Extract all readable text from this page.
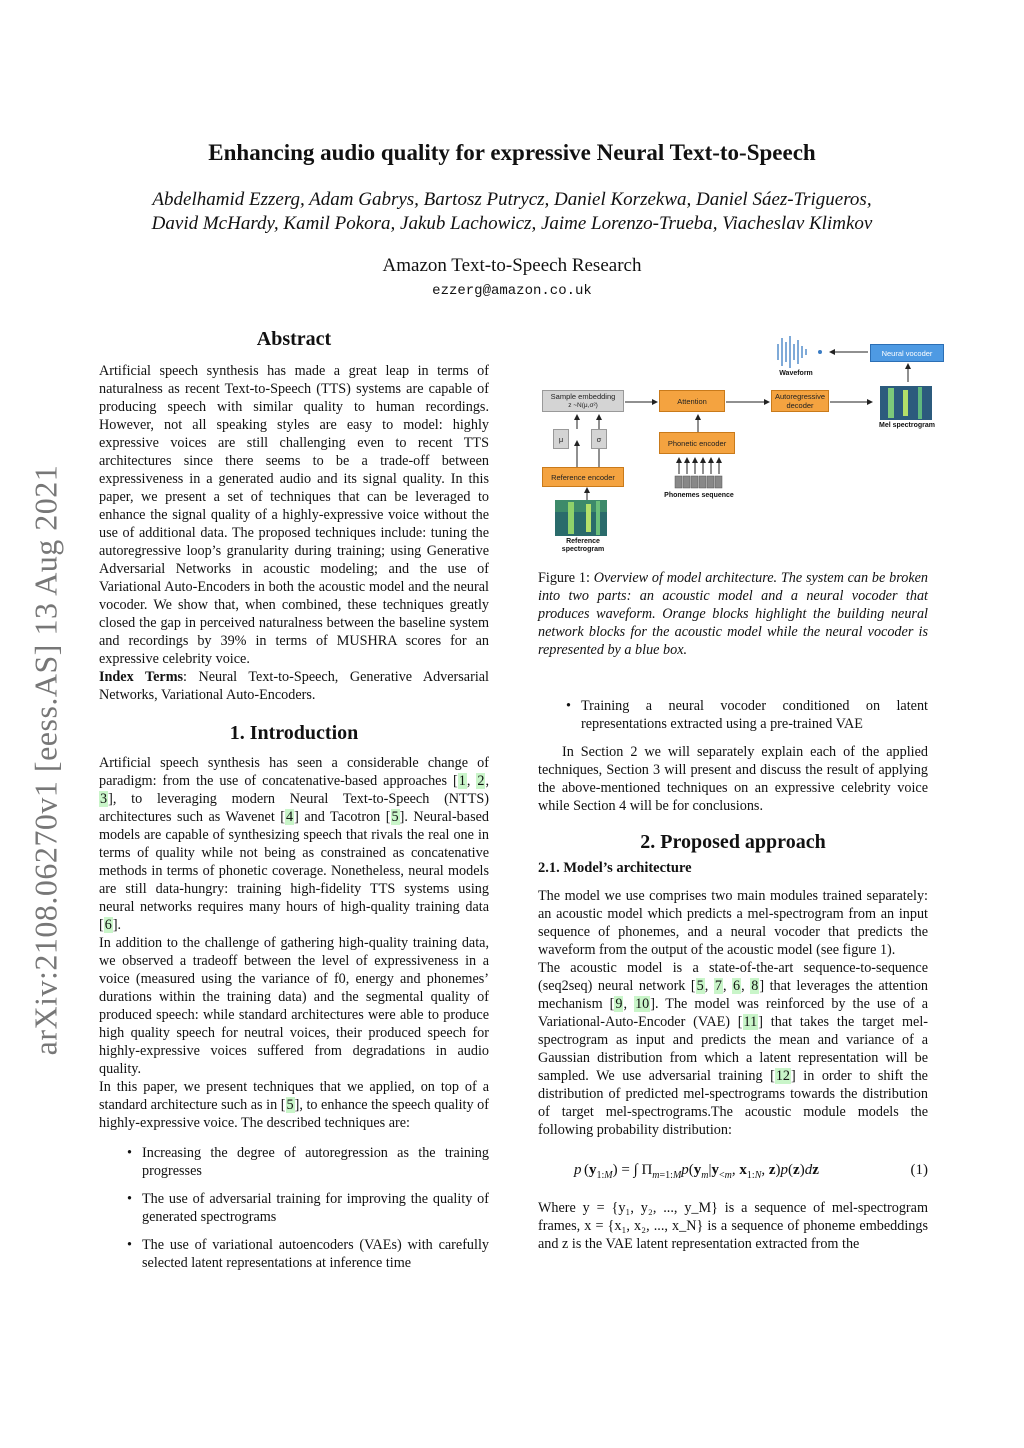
Enhancing audio quality for expressive Neural Text-to-Speech
Abdelhamid Ezzerg, Adam Gabrys, Bartosz Putrycz, Daniel Korzekwa, Daniel Sáez-Trigueros,
David McHardy, Kamil Pokora, Jakub Lachowicz, Jaime Lorenzo-Trueba, Viacheslav Klimkov
Amazon Text-to-Speech Research
ezzerg@amazon.co.uk
arXiv:2108.06270v1 [eess.AS] 13 Aug 2021
Abstract

Artificial speech synthesis has made a great leap in terms of naturalness as recent Text-to-Speech (TTS) systems are capable of producing speech with similar quality to human recordings. However, not all speaking styles are easy to model: highly expressive voices are still challenging even to recent TTS architectures since there seems to be a trade-off between expressiveness in a generated audio and its signal quality. In this paper, we present a set of techniques that can be leveraged to enhance the signal quality of a highly-expressive voice without the use of additional data. The proposed techniques include: tuning the autoregressive loop’s granularity during training; using Generative Adversarial Networks in acoustic modeling; and the use of Variational Auto-Encoders in both the acoustic model and the neural vocoder. We show that, when combined, these techniques greatly closed the gap in perceived naturalness between the baseline system and recordings by 39% in terms of MUSHRA scores for an expressive celebrity voice.

Index Terms: Neural Text-to-Speech, Generative Adversarial Networks, Variational Auto-Encoders.

1. Introduction

Artificial speech synthesis has seen a considerable change of paradigm: from the use of concatenative-based approaches [1, 2, 3], to leveraging modern Neural Text-to-Speech (NTTS) architectures such as Wavenet [4] and Tacotron [5]. Neural-based models are capable of synthesizing speech that rivals the real one in terms of quality while not being as constrained as concatenative methods in terms of phonetic coverage. Nonetheless, neural models are still data-hungry: training high-fidelity TTS systems using neural networks requires many hours of high-quality training data [6].

In addition to the challenge of gathering high-quality training data, we observed a tradeoff between the level of expressiveness in a voice (measured using the variance of f0, energy and phonemes’ durations within the training data) and the segmental quality of produced speech: while standard architectures were able to produce high quality speech for neutral voices, their produced speech for highly-expressive voices suffered from degradations in audio quality.

In this paper, we present techniques that we applied, on top of a standard architecture such as in [5], to enhance the speech quality of highly-expressive voice. The described techniques are:

• Increasing the degree of autoregression as the training progresses
• The use of adversarial training for improving the quality of generated spectrograms
• The use of variational autoencoders (VAEs) with carefully selected latent representations at inference time
Sample embedding
z ~N(μ,σ²)
μ	σ
Reference encoder
Reference spectrogram
Attention
Phonetic encoder
Phonemes sequence
Autoregressive decoder
Mel spectrogram
Waveform
Neural vocoder

Figure 1: Overview of model architecture. The system can be broken into two parts: an acoustic model and a neural vocoder that produces waveform. Orange blocks highlight the building neural network blocks for the acoustic model while the neural vocoder is represented by a blue box.

• Training a neural vocoder conditioned on latent representations extracted using a pre-trained VAE

In Section 2 we will separately explain each of the applied techniques, Section 3 will present and discuss the result of applying the above-mentioned techniques on an expressive celebrity voice while Section 4 will be for conclusions.

2. Proposed approach
2.1. Model’s architecture

The model we use comprises two main modules trained separately: an acoustic model which predicts a mel-spectrogram from an input sequence of phonemes, and a neural vocoder that predicts the waveform from the output of the acoustic model (see figure 1).

The acoustic model is a state-of-the-art sequence-to-sequence (seq2seq) neural network [5, 7, 6, 8] that leverages the attention mechanism [9, 10]. The model was reinforced by the use of a Variational-Auto-Encoder (VAE) [11] that takes the target mel-spectrogram as input and predicts the mean and variance of a Gaussian distribution from which a latent representation will be sampled. We use adversarial training [12] in order to shift the distribution of predicted mel-spectrograms towards the distribution of target mel-spectrograms.The acoustic module models the following probability distribution:

p $(y_{1:M})$ = ∫ $\Pi_{m=1:M}p(y_m|y_{<m}$, $x_{1:N}$, z)p(z)dz	(1)

Where y = {y₁, y₂, ..., y_M} is a sequence of mel-spectrogram frames, x = {x₁, x₂, ..., x_N} is a sequence of phoneme embeddings and z is the VAE latent representation extracted from the
